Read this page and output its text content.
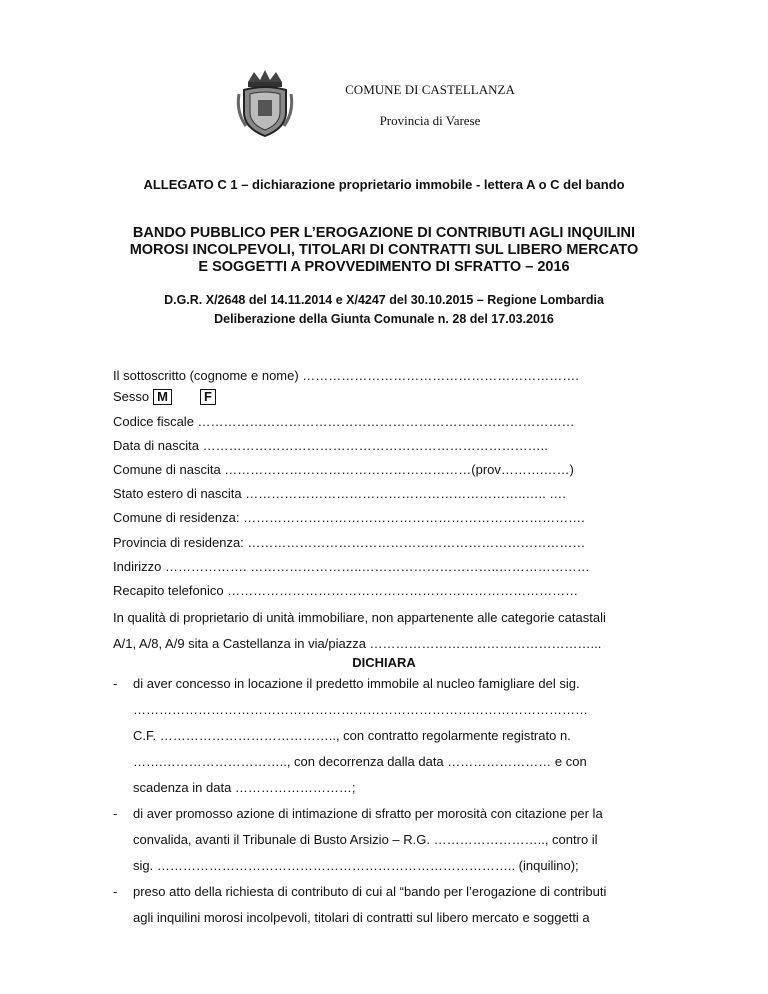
COMUNE DI CASTELLANZA
Provincia di Varese
ALLEGATO C 1 – dichiarazione proprietario immobile - lettera A o C del bando
BANDO PUBBLICO PER L’EROGAZIONE DI CONTRIBUTI AGLI INQUILINI
MOROSI INCOLPEVOLI, TITOLARI DI CONTRATTI SUL LIBERO MERCATO
E SOGGETTI A PROVVEDIMENTO DI SFRATTO – 2016
D.G.R. X/2648 del 14.11.2014 e X/4247 del 30.10.2015 – Regione Lombardia
Deliberazione della Giunta Comunale n. 28 del 17.03.2016
Il sottoscritto (cognome e nome) ……………………………………………………….
Sesso M	F
Codice fiscale ……………………………………………………………………………
Data di nascita ……………………………………………………………………..
Comune di nascita …………………………………………………(prov……….……)
Stato estero di nascita ………………………………………………………..….. ….
Comune di residenza: …………………………………………………………………….
Provincia di residenza: ……………………………………………………………………
Indirizzo ………………. ……………………..…………………………..…………………
Recapito telefonico ………………………………………………………………………
In qualità di proprietario di unità immobiliare, non appartenente alle categorie catastali
A/1, A/8, A/9 sita a Castellanza in via/piazza ……………………………………………...
DICHIARA
- di aver concesso in locazione il predetto immobile al nucleo famigliare del sig.
……………………………………………………………………………………………
C.F. ………………………………….., con contratto regolarmente registrato n.
…….……………………….., con decorrenza dalla data …………………… e con
scadenza in data ………………………;
- di aver promosso azione di intimazione di sfratto per morosità con citazione per la
convalida, avanti il Tribunale di Busto Arsizio – R.G. …………………….., contro il
sig. ……………………………………………………………………….. (inquilino);
- preso atto della richiesta di contributo di cui al “bando per l’erogazione di contributi
agli inquilini morosi incolpevoli, titolari di contratti sul libero mercato e soggetti a
